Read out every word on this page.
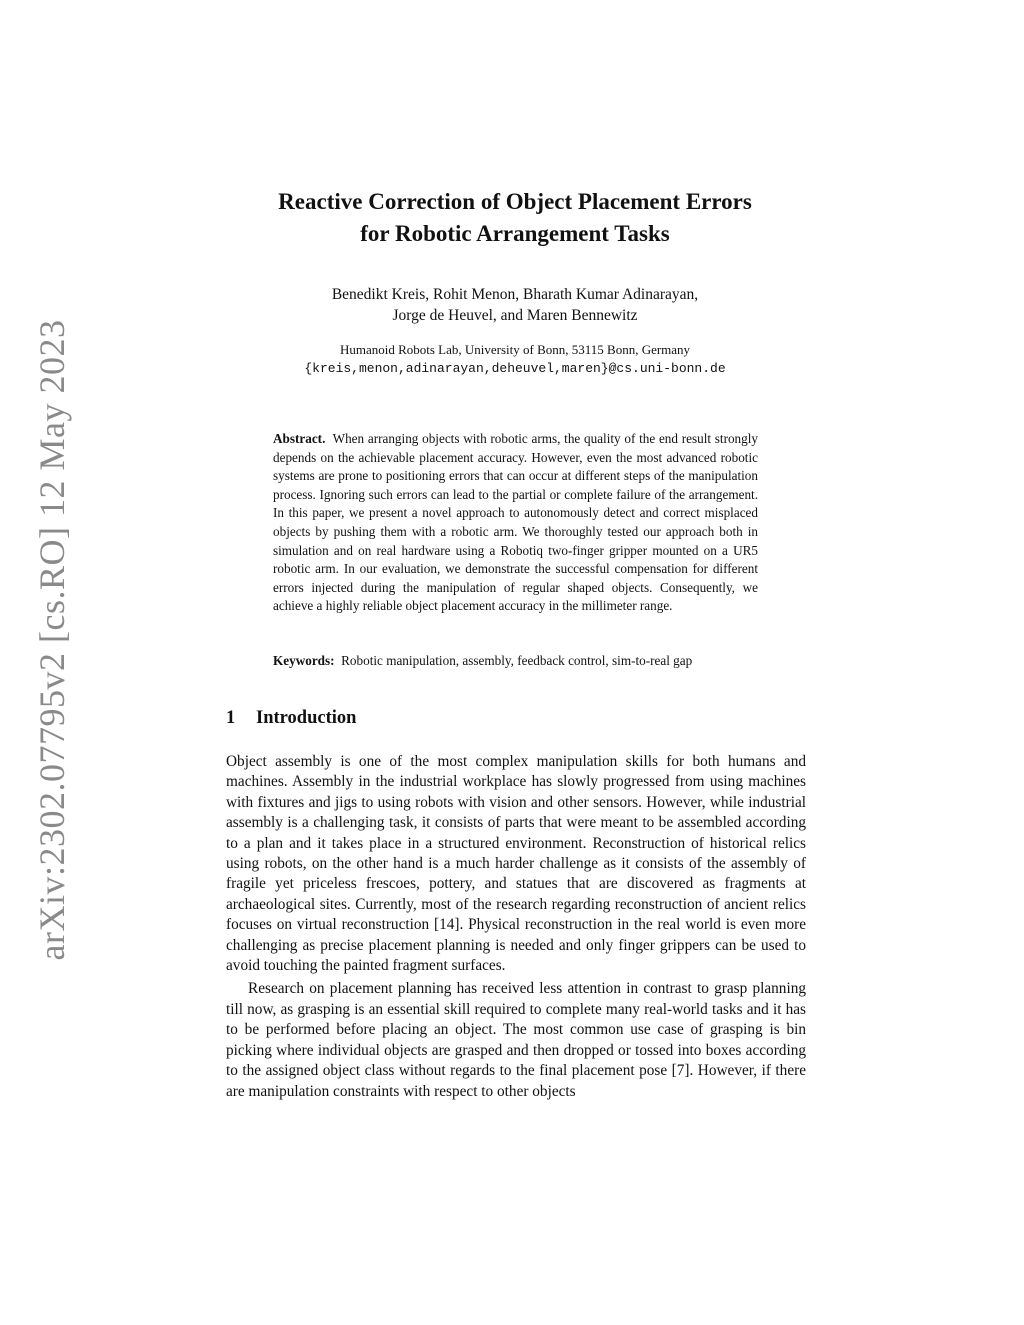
arXiv:2302.07795v2 [cs.RO] 12 May 2023
Reactive Correction of Object Placement Errors
for Robotic Arrangement Tasks
Benedikt Kreis, Rohit Menon, Bharath Kumar Adinarayan,
Jorge de Heuvel, and Maren Bennewitz
Humanoid Robots Lab, University of Bonn, 53115 Bonn, Germany
{kreis,menon,adinarayan,deheuvel,maren}@cs.uni-bonn.de
Abstract. When arranging objects with robotic arms, the quality of the end result strongly depends on the achievable placement accuracy. However, even the most advanced robotic systems are prone to positioning errors that can occur at different steps of the manipulation process. Ignoring such errors can lead to the partial or complete failure of the arrangement. In this paper, we present a novel approach to autonomously detect and correct misplaced objects by pushing them with a robotic arm. We thoroughly tested our approach both in simulation and on real hardware using a Robotiq two-finger gripper mounted on a UR5 robotic arm. In our evaluation, we demonstrate the successful compensation for different errors injected during the manipulation of regular shaped objects. Consequently, we achieve a highly reliable object placement accuracy in the millimeter range.
Keywords: Robotic manipulation, assembly, feedback control, sim-to-real gap
1 Introduction

Object assembly is one of the most complex manipulation skills for both humans and machines. Assembly in the industrial workplace has slowly progressed from using machines with fixtures and jigs to using robots with vision and other sensors. However, while industrial assembly is a challenging task, it consists of parts that were meant to be assembled according to a plan and it takes place in a structured environment. Reconstruction of historical relics using robots, on the other hand is a much harder challenge as it consists of the assembly of fragile yet priceless frescoes, pottery, and statues that are discovered as fragments at archaeological sites. Currently, most of the research regarding reconstruction of ancient relics focuses on virtual reconstruction [14]. Physical reconstruction in the real world is even more challenging as precise placement planning is needed and only finger grippers can be used to avoid touching the painted fragment surfaces.

Research on placement planning has received less attention in contrast to grasp planning till now, as grasping is an essential skill required to complete many real-world tasks and it has to be performed before placing an object. The most common use case of grasping is bin picking where individual objects are grasped and then dropped or tossed into boxes according to the assigned object class without regards to the final placement pose [7]. However, if there are manipulation constraints with respect to other objects
